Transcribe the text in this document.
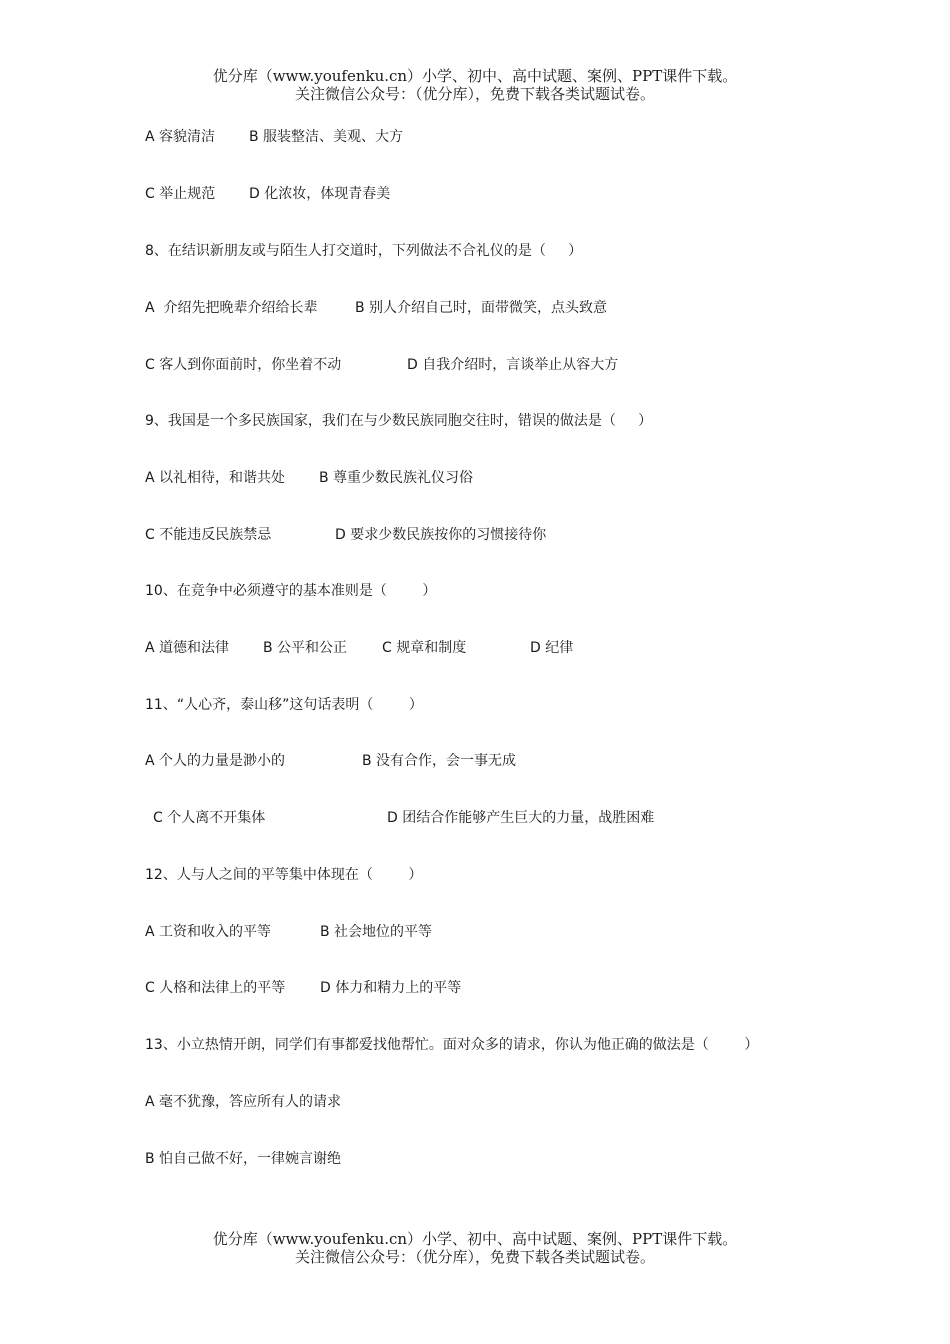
优分库（www.youfenku.cn）小学、初中、高中试题、案例、PPT课件下载。
关注微信公众号：（优分库），免费下载各类试题试卷。

A 容貌清洁

B 服装整洁、美观、大方

C 举止规范

D 化浓妆，体现青春美

8、在结识新朋友或与陌生人打交道时，下列做法不合礼仪的是（     ）

A  介绍先把晚辈介绍给长辈

	B 别人介绍自己时，面带微笑，点头致意

C 客人到你面前时，你坐着不动

	D 自我介绍时，言谈举止从容大方

9、我国是一个多民族国家，我们在与少数民族同胞交往时，错误的做法是（     ）

A 以礼相待，和谐共处

B 尊重少数民族礼仪习俗

C 不能违反民族禁忌

	D 要求少数民族按你的习惯接待你

10、在竞争中必须遵守的基本准则是（        ）

A 道德和法律

B 公平和公正

C 规章和制度

	D 纪律

11、“人心齐，泰山移”这句话表明（        ）

A 个人的力量是渺小的

	B 没有合作，会一事无成

C 个人离不开集体

	D 团结合作能够产生巨大的力量，战胜困难

12、人与人之间的平等集中体现在（        ）

A 工资和收入的平等

	B 社会地位的平等

C 人格和法律上的平等

D 体力和精力上的平等

13、小立热情开朗，同学们有事都爱找他帮忙。面对众多的请求，你认为他正确的做法是（        ）
A 毫不犹豫，答应所有人的请求
B 怕自己做不好，一律婉言谢绝
优分库（www.youfenku.cn）小学、初中、高中试题、案例、PPT课件下载。
关注微信公众号：（优分库），免费下载各类试题试卷。
